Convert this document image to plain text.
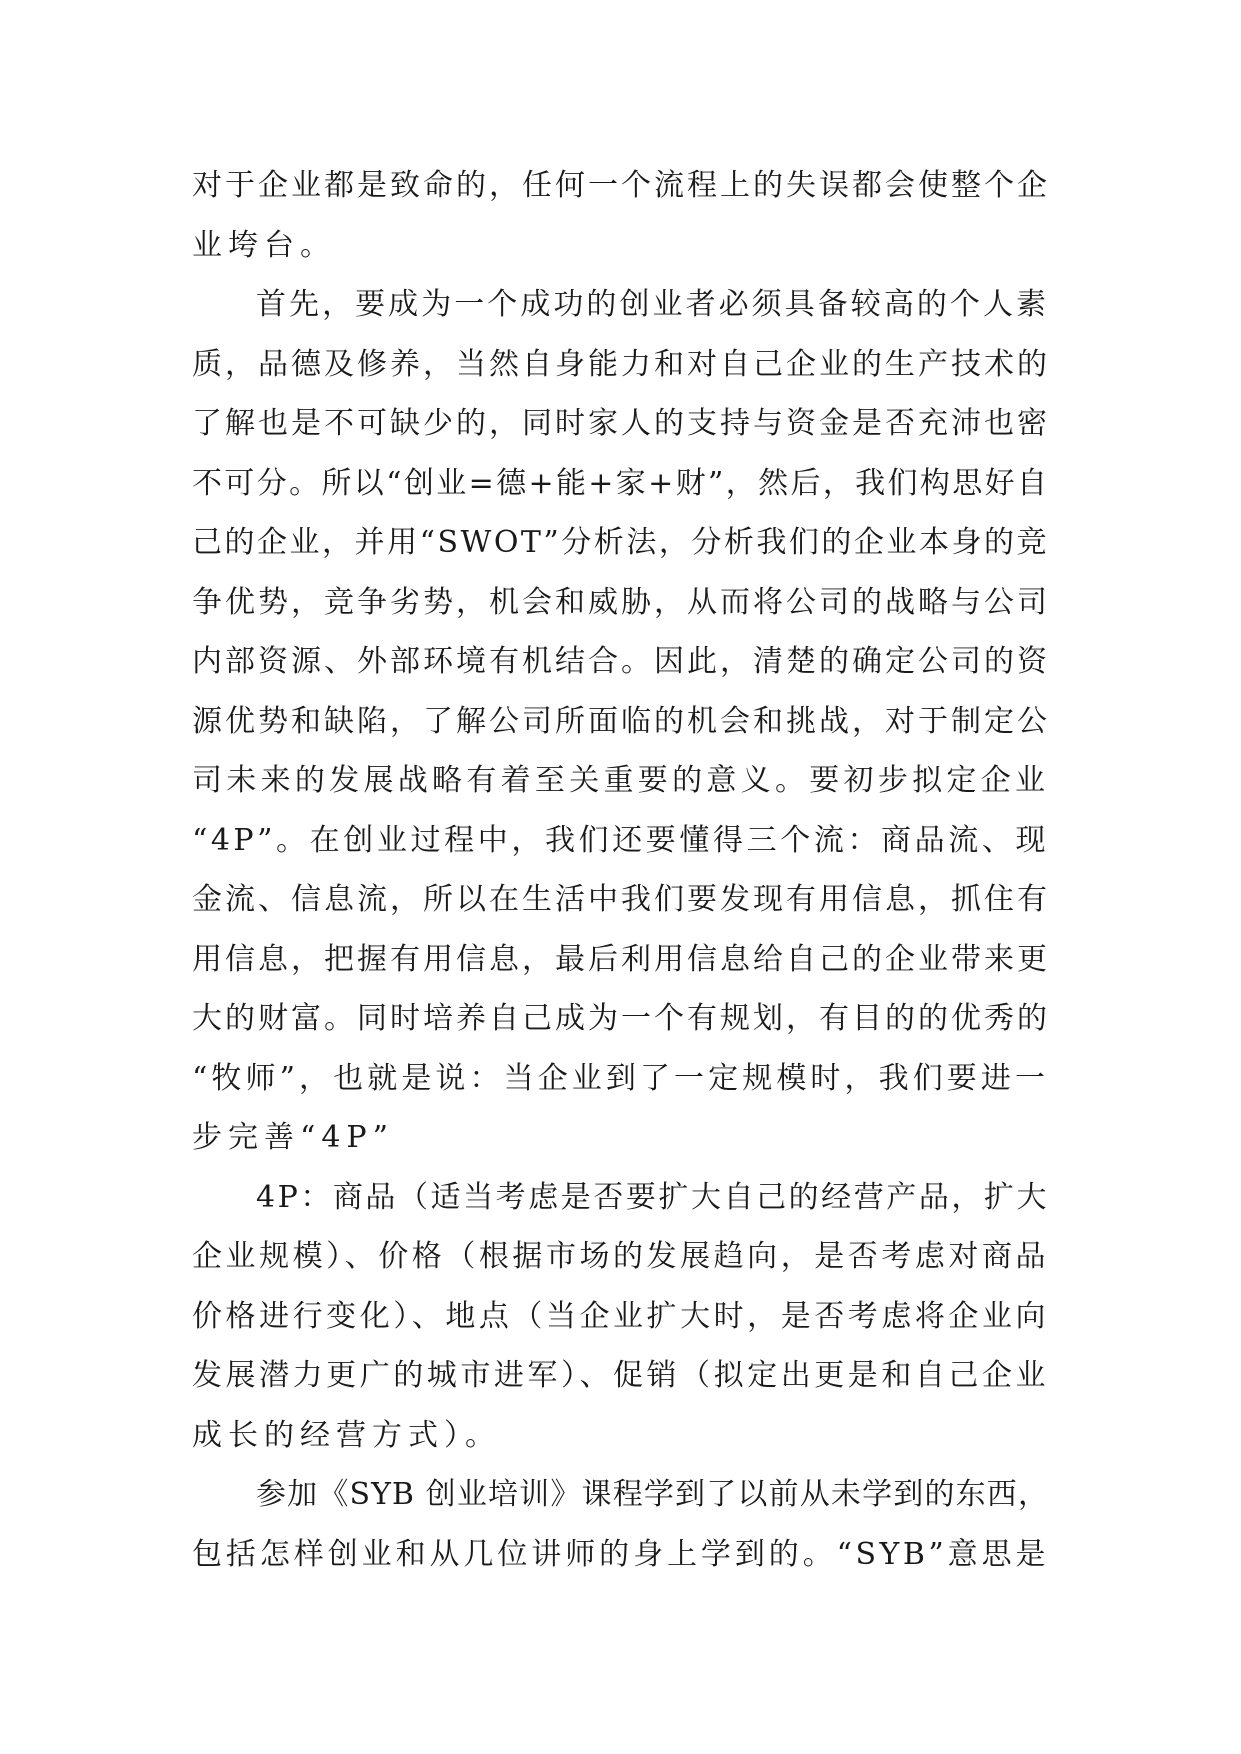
对于企业都是致命的，任何一个流程上的失误都会使整个企
业垮台。
首先，要成为一个成功的创业者必须具备较高的个人素
质，品德及修养，当然自身能力和对自己企业的生产技术的
了解也是不可缺少的，同时家人的支持与资金是否充沛也密
不可分。所以“创业=德+能+家+财”，然后，我们构思好自
己的企业，并用“SWOT”分析法，分析我们的企业本身的竞
争优势，竞争劣势，机会和威胁，从而将公司的战略与公司
内部资源、外部环境有机结合。因此，清楚的确定公司的资
源优势和缺陷，了解公司所面临的机会和挑战，对于制定公
司未来的发展战略有着至关重要的意义。要初步拟定企业
“4P”。在创业过程中，我们还要懂得三个流：商品流、现
金流、信息流，所以在生活中我们要发现有用信息，抓住有
用信息，把握有用信息，最后利用信息给自己的企业带来更
大的财富。同时培养自己成为一个有规划，有目的的优秀的
“牧师”，也就是说：当企业到了一定规模时，我们要进一
步完善“4P”
4P：商品（适当考虑是否要扩大自己的经营产品，扩大
企业规模）、价格（根据市场的发展趋向，是否考虑对商品
价格进行变化）、地点（当企业扩大时，是否考虑将企业向
发展潜力更广的城市进军）、促销（拟定出更是和自己企业
成长的经营方式）。
参加《SYB 创业培训》课程学到了以前从未学到的东西，
包括怎样创业和从几位讲师的身上学到的。“SYB”意思是
